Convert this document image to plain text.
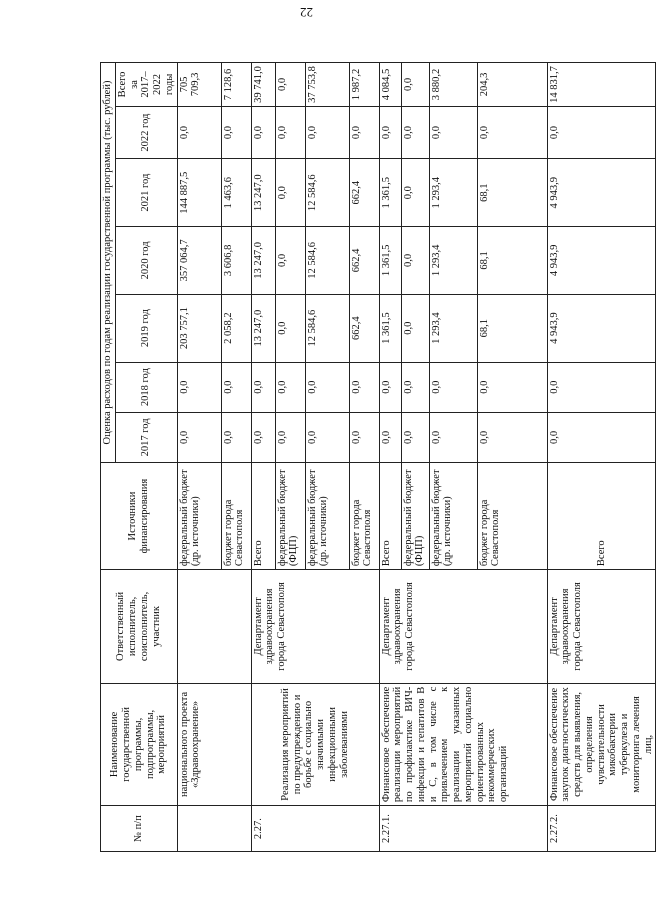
22
№ п/п	Наименование государственной программы, подпрограммы, мероприятий	Ответственный исполнитель, соисполнитель, участник	Источники финансирования	Оценка расходов по годам реализации государственной программы (тыс. рублей)						
				2017 год	2018 год	2019 год	2020 год	2021 год	2022 год	Всего за 2017–2022 годы
	национального проекта «Здравоохранение»		федеральный бюджет (др. источники)	0,0	0,0	203 757,1	357 064,7	144 887,5	0,0	705 709,3
			бюджет города Севастополя	0,0	0,0	2 058,2	3 606,8	1 463,6	0,0	7 128,6
2.27.	Реализация мероприятий по предупреждению и борьбе с социально значимыми инфекционными заболеваниями	Департамент здравоохранения города Севастополя	Всего	0,0	0,0	13 247,0	13 247,0	13 247,0	0,0	39 741,0
			федеральный бюджет (ФЦП)	0,0	0,0	0,0	0,0	0,0	0,0	0,0
			федеральный бюджет (др. источники)	0,0	0,0	12 584,6	12 584,6	12 584,6	0,0	37 753,8
			бюджет города Севастополя	0,0	0,0	662,4	662,4	662,4	0,0	1 987,2
2.27.1.	Финансовое обеспечение реализации мероприятий по профилактике ВИЧ-инфекции и гепатитов В и С, в том числе с привлечением к реализации указанных мероприятий социально ориентированных некоммерческих организаций	Департамент здравоохранения города Севастополя	Всего	0,0	0,0	1 361,5	1 361,5	1 361,5	0,0	4 084,5
			федеральный бюджет (ФЦП)	0,0	0,0	0,0	0,0	0,0	0,0	0,0
			федеральный бюджет (др. источники)	0,0	0,0	1 293,4	1 293,4	1 293,4	0,0	3 880,2
			бюджет города Севастополя	0,0	0,0	68,1	68,1	68,1	0,0	204,3
2.27.2.	Финансовое обеспечение закупок диагностических средств для выявления, определения чувствительности микобактерии туберкулеза и мониторинга лечения лиц,	Департамент здравоохранения города Севастополя	Всего	0,0	0,0	4 943,9	4 943,9	4 943,9	0,0	14 831,7
